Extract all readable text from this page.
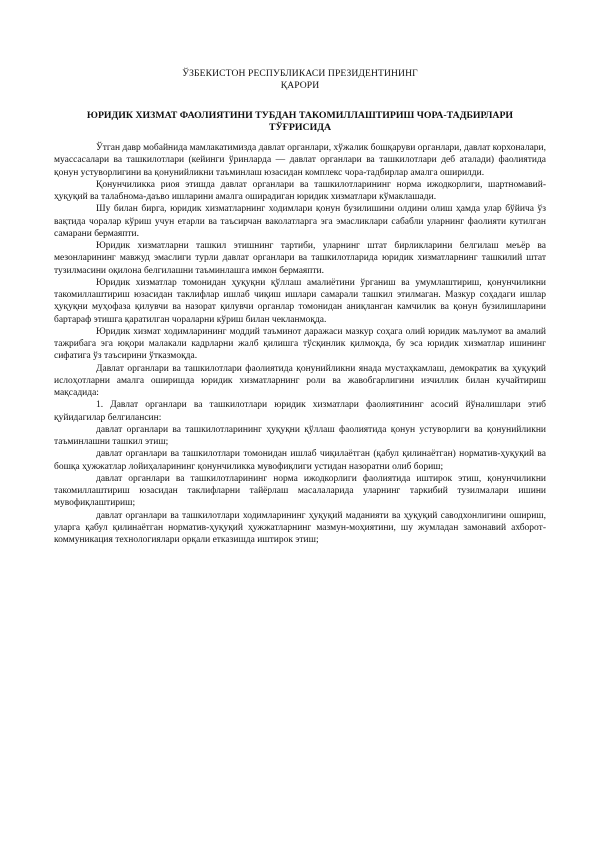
ЎЗБЕКИСТОН РЕСПУБЛИКАСИ ПРЕЗИДЕНТИНИНГ
ҚАРОРИ
ЮРИДИК ХИЗМАТ ФАОЛИЯТИНИ ТУБДАН ТАКОМИЛЛАШТИРИШ ЧОРА-ТАДБИРЛАРИ ТЎҒРИСИДА

Ўтган давр мобайнида мамлакатимизда давлат органлари, хўжалик бошқаруви органлари, давлат корхоналари, муассасалари ва ташкилотлари (кейинги ўринларда — давлат органлари ва ташкилотлари деб аталади) фаолиятида қонун устуворлигини ва қонунийликни таъминлаш юзасидан комплекс чора-тадбирлар амалга оширилди.

Қонунчиликка риоя этишда давлат органлари ва ташкилотларининг норма ижодкорлиги, шартномавий-ҳуқуқий ва талабнома-даъво ишларини амалга оширадиган юридик хизматлари кўмаклашади.

Шу билан бирга, юридик хизматларнинг ходимлари қонун бузилишини олдини олиш ҳамда улар бўйича ўз вақтида чоралар кўриш учун етарли ва таъсирчан ваколатларга эга эмасликлари сабабли уларнинг фаолияти кутилган самарани бермаяпти.

Юридик хизматларни ташкил этишнинг тартиби, уларнинг штат бирликларини белгилаш меъёр ва мезонларининг мавжуд эмаслиги турли давлат органлари ва ташкилотларида юридик хизматларнинг ташкилий штат тузилмасини оқилона белгилашни таъминлашга имкон бермаяпти.

Юридик хизматлар томонидан ҳуқуқни қўллаш амалиётини ўрганиш ва умумлаштириш, қонунчиликни такомиллаштириш юзасидан таклифлар ишлаб чиқиш ишлари самарали ташкил этилмаган. Мазкур соҳадаги ишлар ҳуқуқни муҳофаза қилувчи ва назорат қилувчи органлар томонидан аниқланган камчилик ва қонун бузилишларини бартараф этишга қаратилган чораларни кўриш билан чекланмоқда.

Юридик хизмат ходимларининг моддий таъминот даражаси мазкур соҳага олий юридик маълумот ва амалий тажрибага эга юқори малакали кадрларни жалб қилишга тўсқинлик қилмоқда, бу эса юридик хизматлар ишининг сифатига ўз таъсирини ўтказмоқда.

Давлат органлари ва ташкилотлари фаолиятида қонунийликни янада мустаҳкамлаш, демократик ва ҳуқуқий ислоҳотларни амалга оширишда юридик хизматларнинг роли ва жавобгарлигини изчиллик билан кучайтириш мақсадида:

1. Давлат органлари ва ташкилотлари юридик хизматлари фаолиятининг асосий йўналишлари этиб қуйидагилар белгилансин:

давлат органлари ва ташкилотларининг ҳуқуқни қўллаш фаолиятида қонун устуворлиги ва қонунийликни таъминлашни ташкил этиш;

давлат органлари ва ташкилотлари томонидан ишлаб чиқилаётган (қабул қилинаётган) норматив-ҳуқуқий ва бошқа ҳужжатлар лойиҳаларининг қонунчиликка мувофиқлиги устидан назоратни олиб бориш;

давлат органлари ва ташкилотларининг норма ижодкорлиги фаолиятида иштирок этиш, қонунчиликни такомиллаштириш юзасидан таклифларни тайёрлаш масалаларида уларнинг таркибий тузилмалари ишини мувофиқлаштириш;

давлат органлари ва ташкилотлари ходимларининг ҳуқуқий маданияти ва ҳуқуқий саводхонлигини ошириш, уларга қабул қилинаётган норматив-ҳуқуқий ҳужжатларнинг мазмун-моҳиятини, шу жумладан замонавий ахборот-коммуникация технологиялари орқали етказишда иштирок этиш;
